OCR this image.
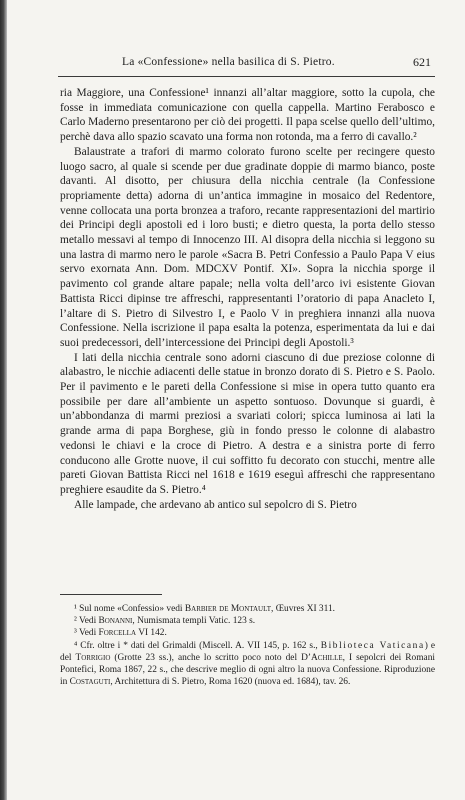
La «Confessione» nella basilica di S. Pietro.	621

ria Maggiore, una Confessione¹ innanzi all’altar maggiore, sotto la cupola, che fosse in immediata comunicazione con quella cappella. Martino Ferabosco e Carlo Maderno presentarono per ciò dei progetti. Il papa scelse quello dell’ultimo, perchè dava allo spazio scavato una forma non rotonda, ma a ferro di cavallo.²

Balaustrate a trafori di marmo colorato furono scelte per recingere questo luogo sacro, al quale si scende per due gradinate doppie di marmo bianco, poste davanti. Al disotto, per chiusura della nicchia centrale (la Confessione propriamente detta) adorna di un’antica immagine in mosaico del Redentore, venne collocata una porta bronzea a traforo, recante rappresentazioni del martirio dei Principi degli apostoli ed i loro busti; e dietro questa, la porta dello stesso metallo messavi al tempo di Innocenzo III. Al disopra della nicchia si leggono su una lastra di marmo nero le parole «Sacra B. Petri Confessio a Paulo Papa V eius servo exornata Ann. Dom. MDCXV Pontif. XI». Sopra la nicchia sporge il pavimento col grande altare papale; nella volta dell’arco ivi esistente Giovan Battista Ricci dipinse tre affreschi, rappresentanti l’oratorio di papa Anacleto I, l’altare di S. Pietro di Silvestro I, e Paolo V in preghiera innanzi alla nuova Confessione. Nella iscrizione il papa esalta la potenza, esperimentata da lui e dai suoi predecessori, dell’intercessione dei Principi degli Apostoli.³

I lati della nicchia centrale sono adorni ciascuno di due preziose colonne di alabastro, le nicchie adiacenti delle statue in bronzo dorato di S. Pietro e S. Paolo. Per il pavimento e le pareti della Confessione si mise in opera tutto quanto era possibile per dare all’ambiente un aspetto sontuoso. Dovunque si guardi, è un’abbondanza di marmi preziosi a svariati colori; spicca luminosa ai lati la grande arma di papa Borghese, giù in fondo presso le colonne di alabastro vedonsi le chiavi e la croce di Pietro. A destra e a sinistra porte di ferro conducono alle Grotte nuove, il cui soffitto fu decorato con stucchi, mentre alle pareti Giovan Battista Ricci nel 1618 e 1619 eseguì affreschi che rappresentano preghiere esaudite da S. Pietro.⁴

Alle lampade, che ardevano ab antico sul sepolcro di S. Pietro

¹ Sul nome «Confessio» vedi Barbier de Montault, Œuvres XI 311.

² Vedi Bonanni, Numismata templi Vatic. 123 s.

³ Vedi Forcella VI 142.

⁴ Cfr. oltre i * dati del Grimaldi (Miscell. A. VII 145, p. 162 s., Biblioteca Vaticana) e del Torrigio (Grotte 23 ss.), anche lo scritto poco noto del D’Achille, I sepolcri dei Romani Pontefici, Roma 1867, 22 s., che descrive meglio di ogni altro la nuova Confessione. Riproduzione in Costaguti, Architettura di S. Pietro, Roma 1620 (nuova ed. 1684), tav. 26.
